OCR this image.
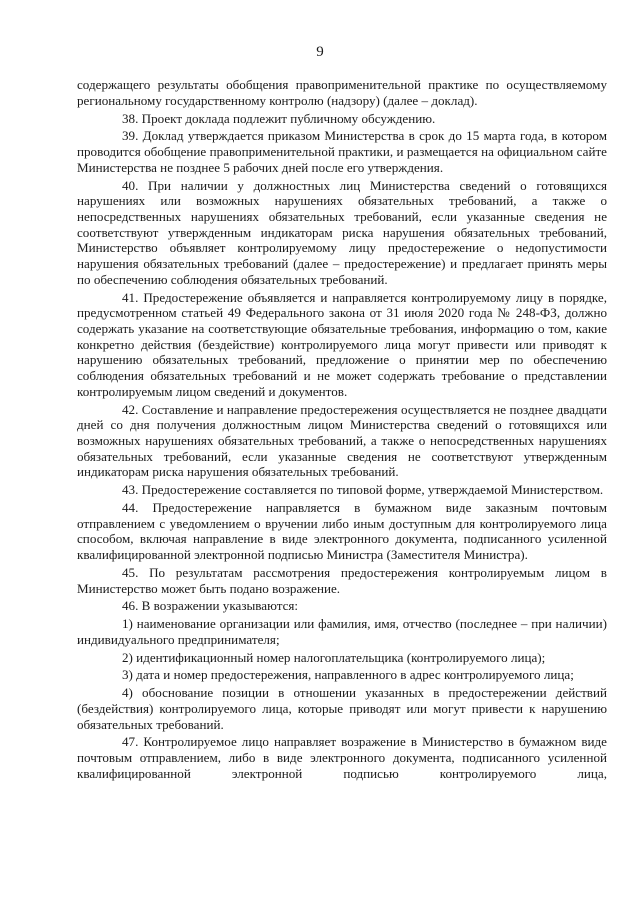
9

содержащего результаты обобщения правоприменительной практике по осуществляемому региональному государственному контролю (надзору) (далее – доклад).

38. Проект доклада подлежит публичному обсуждению.

39. Доклад утверждается приказом Министерства в срок до 15 марта года, в котором проводится обобщение правоприменительной практики, и размещается на официальном сайте Министерства не позднее 5 рабочих дней после его утверждения.

40. При наличии у должностных лиц Министерства сведений о готовящихся нарушениях или возможных нарушениях обязательных требований, а также о непосредственных нарушениях обязательных требований, если указанные сведения не соответствуют утвержденным индикаторам риска нарушения обязательных требований, Министерство объявляет контролируемому лицу предостережение о недопустимости нарушения обязательных требований (далее – предостережение) и предлагает принять меры по обеспечению соблюдения обязательных требований.

41. Предостережение объявляется и направляется контролируемому лицу в порядке, предусмотренном статьей 49 Федерального закона от 31 июля 2020 года № 248-ФЗ, должно содержать указание на соответствующие обязательные требования, информацию о том, какие конкретно действия (бездействие) контролируемого лица могут привести или приводят к нарушению обязательных требований, предложение о принятии мер по обеспечению соблюдения обязательных требований и не может содержать требование о представлении контролируемым лицом сведений и документов.

42. Составление и направление предостережения осуществляется не позднее двадцати дней со дня получения должностным лицом Министерства сведений о готовящихся или возможных нарушениях обязательных требований, а также о непосредственных нарушениях обязательных требований, если указанные сведения не соответствуют утвержденным индикаторам риска нарушения обязательных требований.

43. Предостережение составляется по типовой форме, утверждаемой Министерством.

44. Предостережение направляется в бумажном виде заказным почтовым отправлением с уведомлением о вручении либо иным доступным для контролируемого лица способом, включая направление в виде электронного документа, подписанного усиленной квалифицированной электронной подписью Министра (Заместителя Министра).

45. По результатам рассмотрения предостережения контролируемым лицом в Министерство может быть подано возражение.

46. В возражении указываются:

1) наименование организации или фамилия, имя, отчество (последнее – при наличии) индивидуального предпринимателя;

2) идентификационный номер налогоплательщика (контролируемого лица);

3) дата и номер предостережения, направленного в адрес контролируемого лица;

4) обоснование позиции в отношении указанных в предостережении действий (бездействия) контролируемого лица, которые приводят или могут привести к нарушению обязательных требований.

47. Контролируемое лицо направляет возражение в Министерство в бумажном виде почтовым отправлением, либо в виде электронного документа, подписанного усиленной квалифицированной электронной подписью контролируемого лица,
